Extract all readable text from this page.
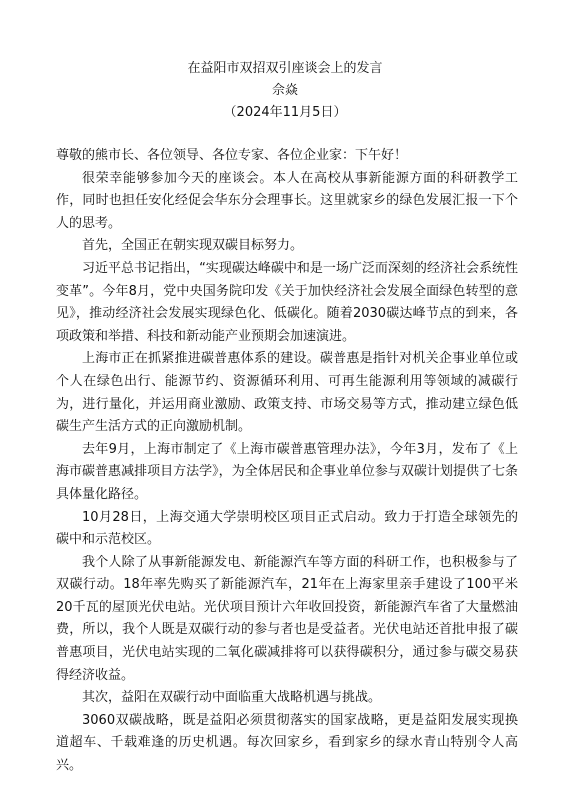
在益阳市双招双引座谈会上的发言
佘焱
（2024年11月5日）

尊敬的熊市长、各位领导、各位专家、各位企业家：下午好！

很荣幸能够参加今天的座谈会。本人在高校从事新能源方面的科研教学工作，同时也担任安化经促会华东分会理事长。这里就家乡的绿色发展汇报一下个人的思考。

首先，全国正在朝实现双碳目标努力。

习近平总书记指出，“实现碳达峰碳中和是一场广泛而深刻的经济社会系统性变革”。今年8月，党中央国务院印发《关于加快经济社会发展全面绿色转型的意见》，推动经济社会发展实现绿色化、低碳化。随着2030碳达峰节点的到来，各项政策和举措、科技和新动能产业预期会加速演进。

上海市正在抓紧推进碳普惠体系的建设。碳普惠是指针对机关企事业单位或个人在绿色出行、能源节约、资源循环利用、可再生能源利用等领域的减碳行为，进行量化，并运用商业激励、政策支持、市场交易等方式，推动建立绿色低碳生产生活方式的正向激励机制。

去年9月，上海市制定了《上海市碳普惠管理办法》，今年3月，发布了《上海市碳普惠减排项目方法学》，为全体居民和企事业单位参与双碳计划提供了七条具体量化路径。

10月28日，上海交通大学崇明校区项目正式启动。致力于打造全球领先的碳中和示范校区。

我个人除了从事新能源发电、新能源汽车等方面的科研工作，也积极参与了双碳行动。18年率先购买了新能源汽车，21年在上海家里亲手建设了100平米20千瓦的屋顶光伏电站。光伏项目预计六年收回投资，新能源汽车省了大量燃油费，所以，我个人既是双碳行动的参与者也是受益者。光伏电站还首批申报了碳普惠项目，光伏电站实现的二氧化碳减排将可以获得碳积分，通过参与碳交易获得经济收益。

其次，益阳在双碳行动中面临重大战略机遇与挑战。

3060双碳战略，既是益阳必须贯彻落实的国家战略，更是益阳发展实现换道超车、千载难逢的历史机遇。每次回家乡，看到家乡的绿水青山特别令人高兴。
